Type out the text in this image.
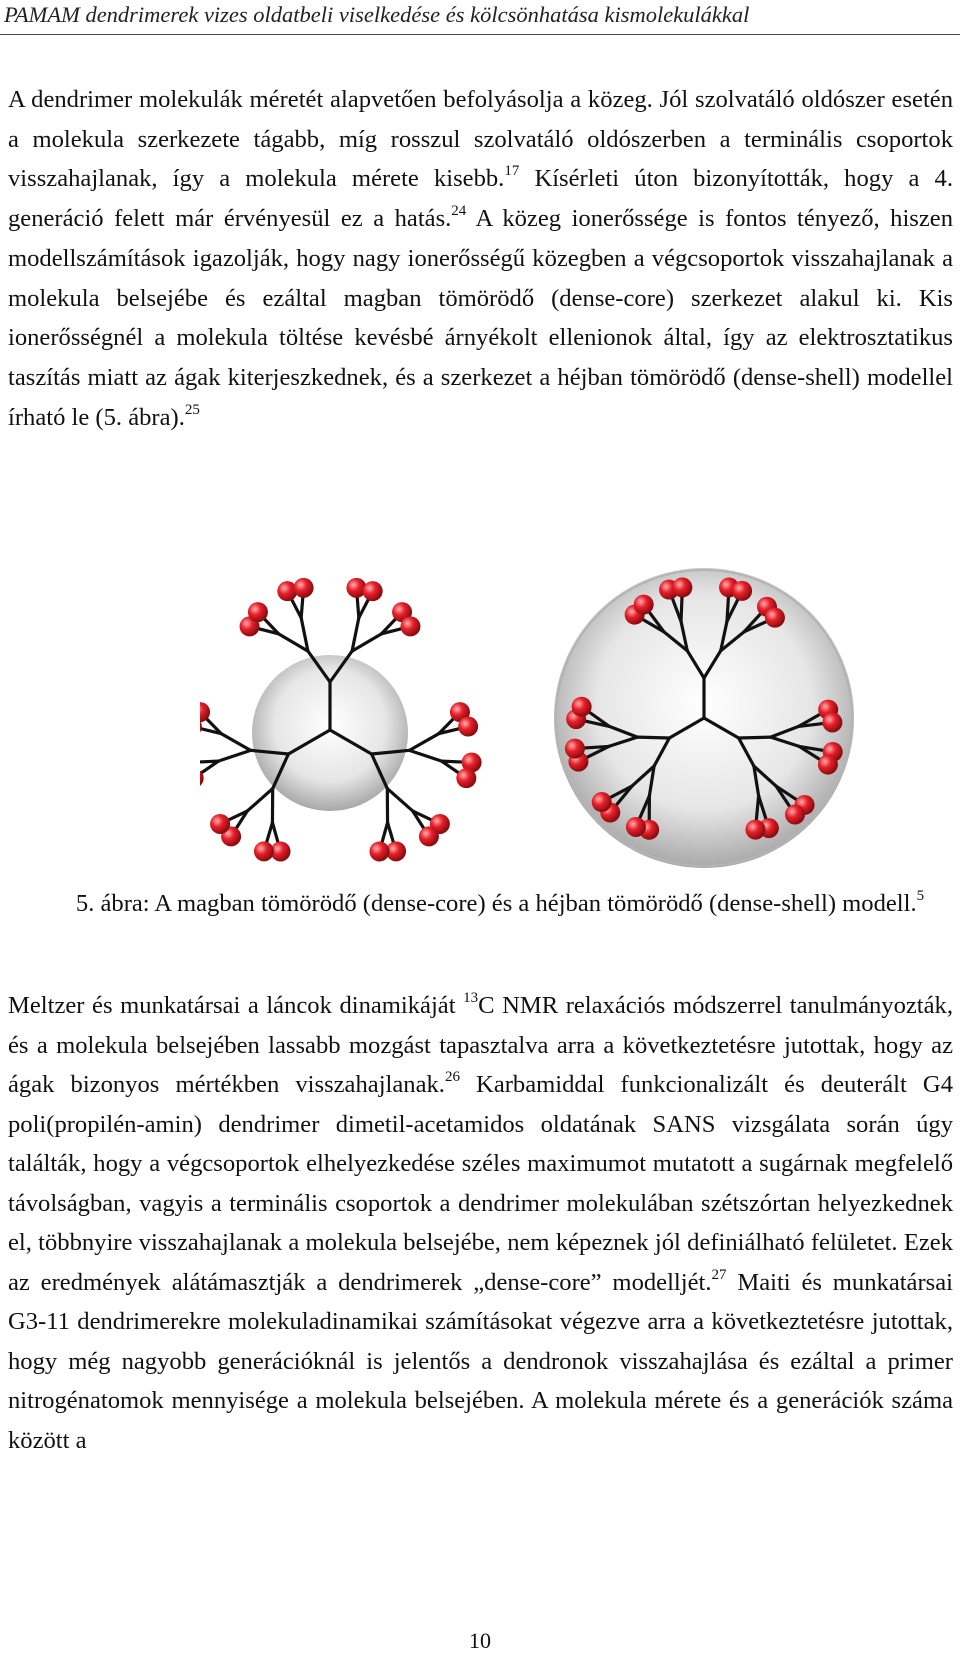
PAMAM dendrimerek vizes oldatbeli viselkedése és kölcsönhatása kismolekulákkal

A dendrimer molekulák méretét alapvetően befolyásolja a közeg. Jól szolvatáló oldószer esetén a molekula szerkezete tágabb, míg rosszul szolvatáló oldószerben a terminális csoportok visszahajlanak, így a molekula mérete kisebb.$^{17}$ Kísérleti úton bizonyították, hogy a 4. generáció felett már érvényesül ez a hatás.$^{24}$ A közeg ionerőssége is fontos tényező, hiszen modellszámítások igazolják, hogy nagy ionerősségű közegben a végcsoportok visszahajlanak a molekula belsejébe és ezáltal magban tömörödő (dense-core) szerkezet alakul ki. Kis ionerősségnél a molekula töltése kevésbé árnyékolt ellenionok által, így az elektrosztatikus taszítás miatt az ágak kiterjeszkednek, és a szerkezet a héjban tömörödő (dense-shell) modellel írható le (5. ábra).$^{25}$

5. ábra: A magban tömörödő (dense-core) és a héjban tömörödő (dense-shell) modell.$^5$

Meltzer és munkatársai a láncok dinamikáját $^{13}$C NMR relaxációs módszerrel tanulmányozták, és a molekula belsejében lassabb mozgást tapasztalva arra a következtetésre jutottak, hogy az ágak bizonyos mértékben visszahajlanak.$^{26}$ Karbamiddal funkcionalizált és deuterált G4 poli(propilén-amin) dendrimer dimetil-acetamidos oldatának SANS vizsgálata során úgy találták, hogy a végcsoportok elhelyezkedése széles maximumot mutatott a sugárnak megfelelő távolságban, vagyis a terminális csoportok a dendrimer molekulában szétszórtan helyezkednek el, többnyire visszahajlanak a molekula belsejébe, nem képeznek jól definiálható felületet. Ezek az eredmények alátámasztják a dendrimerek „dense-core” modelljét.$^{27}$ Maiti és munkatársai G3-11 dendrimerekre molekuladinamikai számításokat végezve arra a következtetésre jutottak, hogy még nagyobb generációknál is jelentős a dendronok visszahajlása és ezáltal a primer nitrogénatomok mennyisége a molekula belsejében. A molekula mérete és a generációk száma között a

10
